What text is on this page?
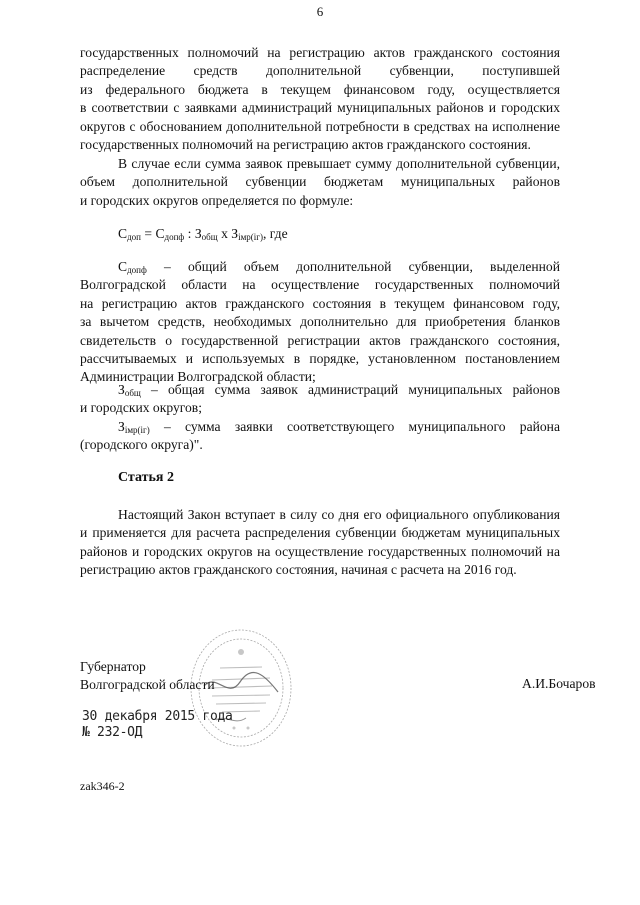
6
государственных полномочий на регистрацию актов гражданского состояния
распределение средств дополнительной субвенции, поступившей
из федерального бюджета в текущем финансовом году, осуществляется
в соответствии с заявками администраций муниципальных районов и городских
округов с обоснованием дополнительной потребности в средствах на исполнение
государственных полномочий на регистрацию актов гражданского состояния.
В случае если сумма заявок превышает сумму дополнительной субвенции,
объем дополнительной субвенции бюджетам муниципальных районов
и городских округов определяется по формуле:
$С_{доп} = С_{допф}$ : $З_{общ}$ х $З_{імр(іг)}$, где
$С_{допф}$ – общий объем дополнительной субвенции, выделенной
Волгоградской области на осуществление государственных полномочий
на регистрацию актов гражданского состояния в текущем финансовом году,
за вычетом средств, необходимых дополнительно для приобретения бланков
свидетельств о государственной регистрации актов гражданского состояния,
рассчитываемых и используемых в порядке, установленном постановлением
Администрации Волгоградской области;
$З_{общ}$ – общая сумма заявок администраций муниципальных районов
и городских округов;
$З_{імр(іг)}$ – сумма заявки соответствующего муниципального района
(городского округа)".
Статья 2
Настоящий Закон вступает в силу со дня его официального опубликования
и применяется для расчета распределения субвенции бюджетам муниципальных
районов и городских округов на осуществление государственных полномочий на
регистрацию актов гражданского состояния, начиная с расчета на 2016 год.
Губернатор
Волгоградской области	А.И.Бочаров
30 декабря 2015 года
№ 232-ОД
zak346-2
